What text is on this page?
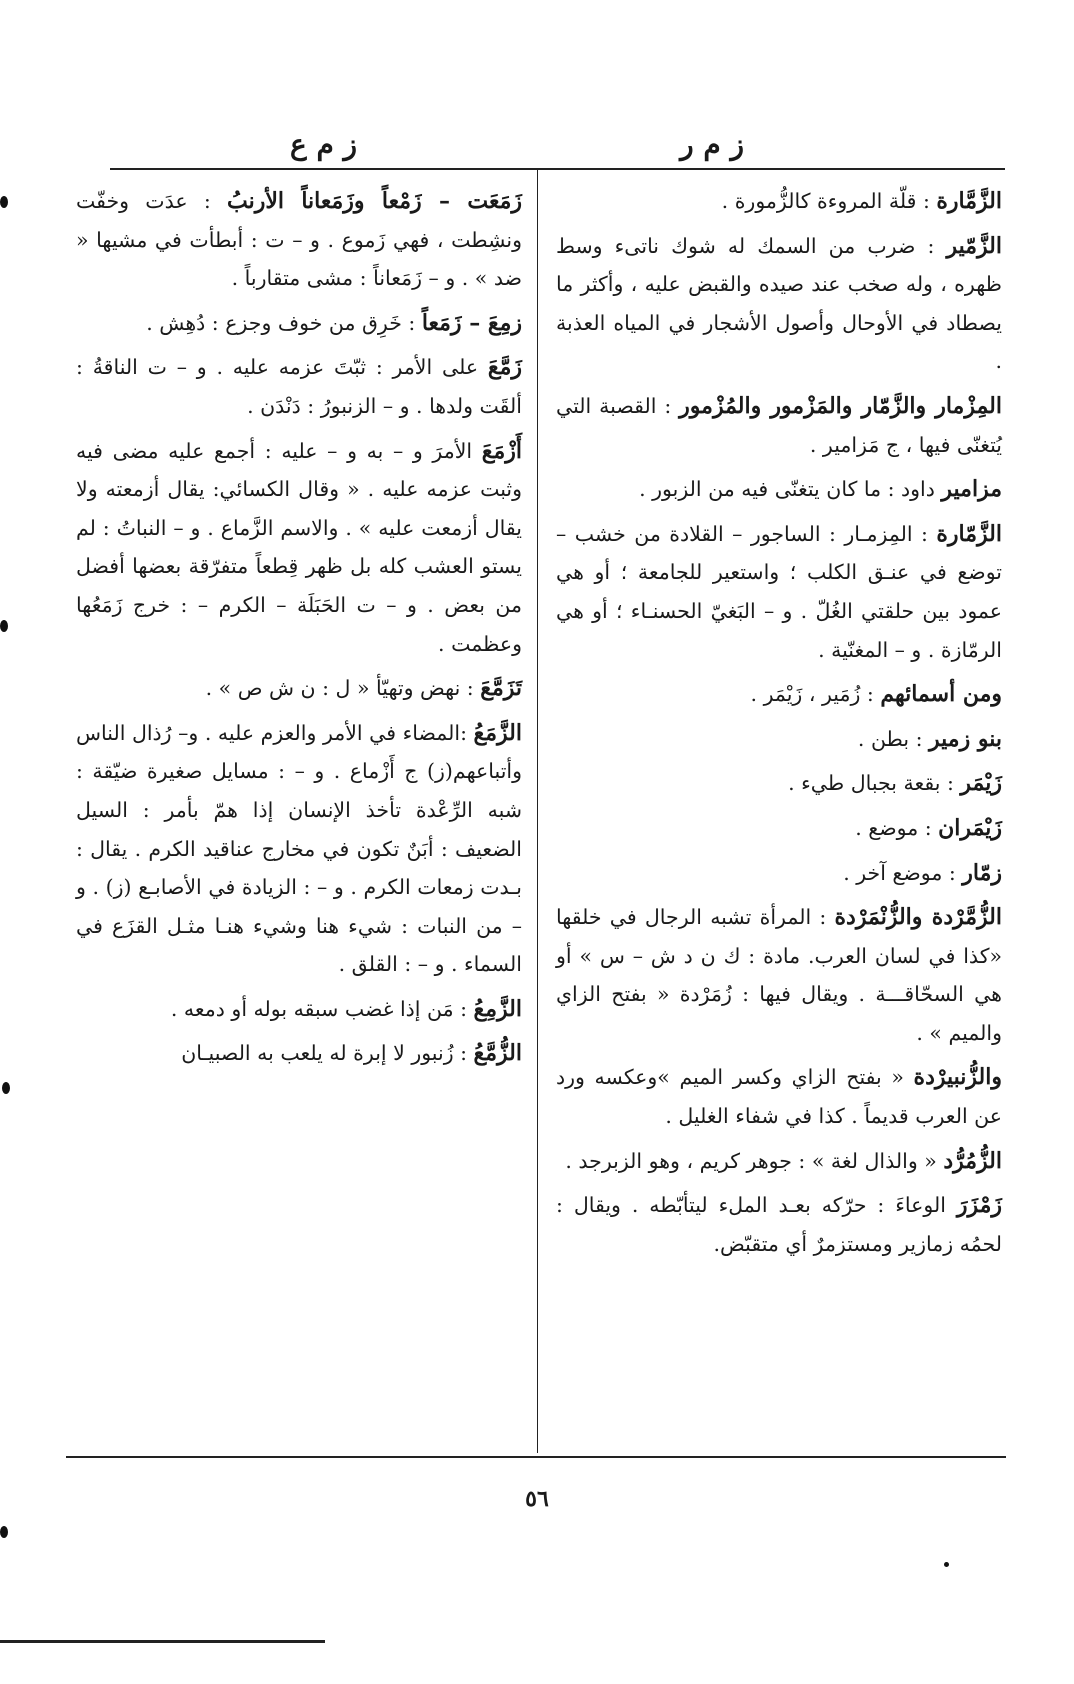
ز م ر
ز م ع

الزَّمَّارة : قلّة المروءة كالزُّمورة .

الزَّمّير : ضرب من السمك له شوك ناتىء وسط ظهره ، وله صخب عند صيده والقبض عليه ، وأكثر ما يصطاد في الأوحال وأصول الأشجار في المياه العذبة .

المِزْمار والزَّمّار والمَزْمور والمُزْمور : القصبة التي يُتغنّى فيها ، ج مَزامير .

مزامير داود : ما كان يتغنّى فيه من الزبور .

الزَّمّارة : المِزمـار : الساجور – القلادة من خشب – توضع في عنـق الكلب ؛ واستعير للجامعة ؛ أو هي عمود بين حلقتي الغُلّ . و – البَغيّ الحسنـاء ؛ أو هي الرمّازة . و – المغنّية .

ومن أسمائهم : زُمَير ، زَيْمَر .

بنو زمير : بطن .

زَيْمَر : بقعة بجبال طيء .

زَيْمَران : موضع .

زمّار : موضع آخر .

الزُّمَّرْدة والزُّنْمَرْدة : المرأة تشبه الرجال في خلقها «كذا في لسان العرب. مادة : ك ن د ش – س » أو هي السحّاقـــة . ويقال فيها : زُمَرْدة « بفتح الزاي والميم » .

والزُّنبيرْدة « بفتح الزاي وكسر الميم »وعكسه ورد عن العرب قديماً . كذا في شفاء الغليل .

الزُّمُرُّد « والذال لغة » : جوهر كريم ، وهو الزبرجد .

زَمْزَرَ الوعاءَ : حرّكه بعـد الملء ليتأبّطه . ويقال : لحمُه زمازير ومستزمرٌ أي متقبّض.

زَمَعَت – زَمْعاً وزَمَعاناً الأرنبُ : عدَت وخفّت ونشِطت ، فهي زَموع . و – ت : أبطأت في مشيها « ضد » . و – زَمَعاناً : مشى متقارباً .

زمِعَ – زَمَعاً : خَرِق من خوف وجزع : دُهِش .

زَمَّعَ على الأمر : ثبّتَ عزمه عليه . و – ت الناقةُ : ألقَت ولدها . و – الزنبورُ : دَنْدَن .

أَزْمَعَ الأمرَ و – به و – عليه : أجمع عليه مضى فيه وثبت عزمه عليه . « وقال الكسائي: يقال أزمعته ولا يقال أزمعت عليه » . والاسم الزَّماع . و – النباتُ : لم يستو العشب كله بل ظهر قِطعاً متفرّقة بعضها أفضل من بعض . و – ت الحَبَلَة – الكرم – : خرج زَمَعُها وعظمت .

تَزَمَّعَ : نهض وتهيّأ « ل : ن ش ص » .

الزَّمَعُ :المضاء في الأمر والعزم عليه . و– رُذال الناس وأتباعهم(ز) ج أَزْماع . و – : مسايل صغيرة ضيّقة : شبه الرِّعْدة تأخذ الإنسان إذا همّ بأمر : السيل الضعيف : أبَنٌ تكون في مخارج عناقيد الكرم . يقال : بـدت زمعات الكرم . و – : الزيادة في الأصابـع (ز) . و – من النبات : شيء هنا وشيء هنـا مثـل القزَع في السماء . و – : القلق .

الزَّمِعُ : مَن إذا غضب سبقه بوله أو دمعه .

الزُّمَّعُ : زُنبور لا إبرة له يلعب به الصبيـان

٥٦
